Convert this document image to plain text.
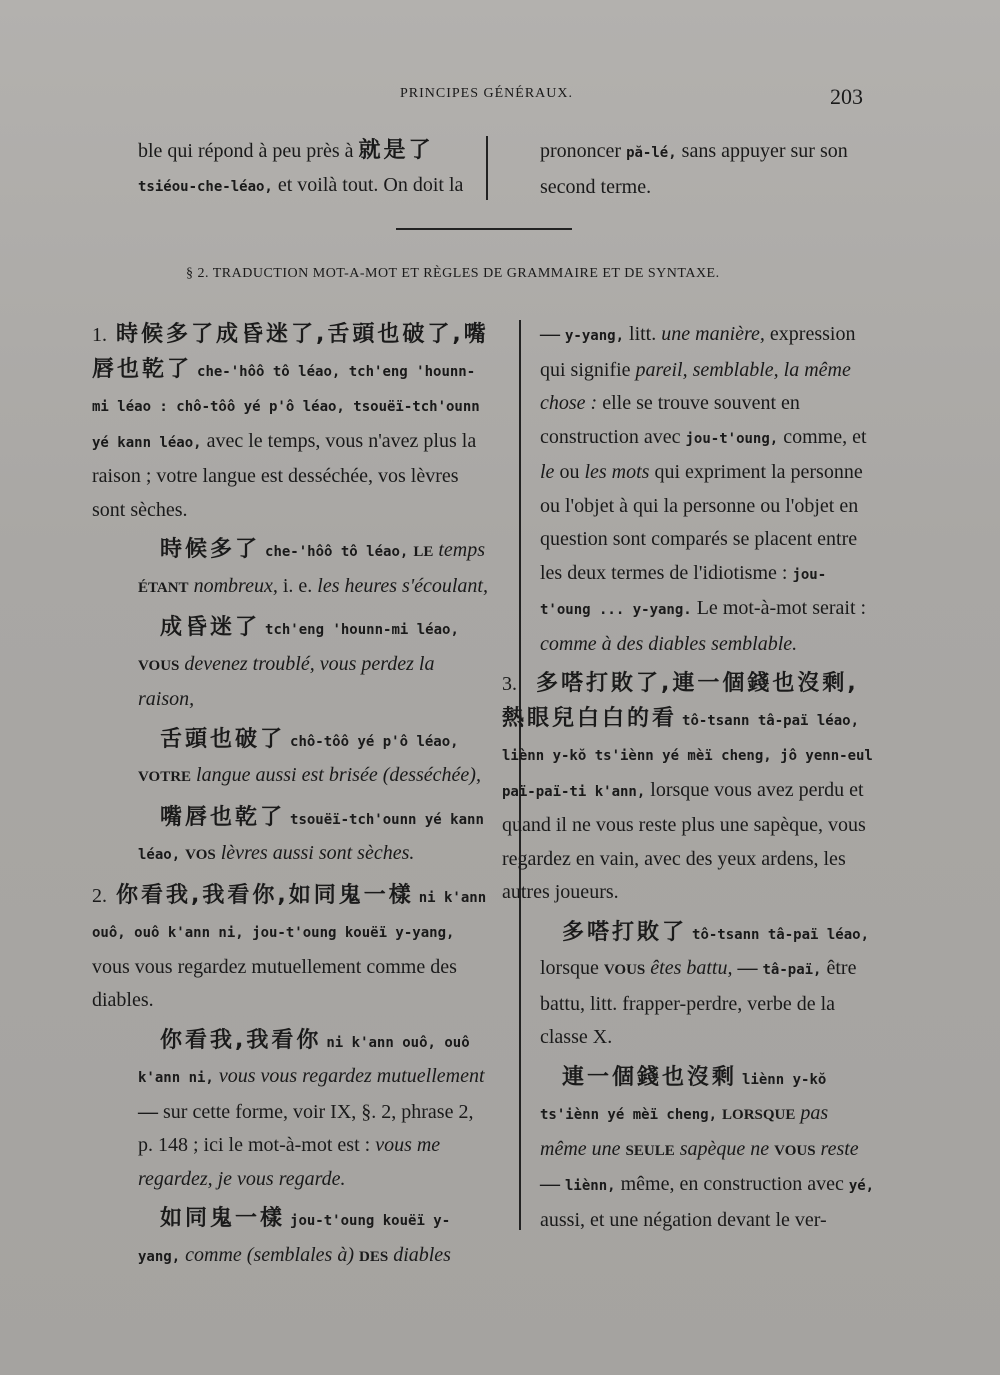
PRINCIPES GÉNÉRAUX.	203
ble qui répond à peu près à 就是了
tsiéou-che-léao, et voilà tout. On doit la
prononcer pă-lé, sans appuyer sur son
second terme.
§ 2. TRADUCTION MOT-A-MOT ET RÈGLES DE GRAMMAIRE ET DE SYNTAXE.

1. 時候多了成昏迷了,舌頭也破了,嘴唇也乾了 che-'hôô tô léao, tch'eng 'hounn-mi léao : chô-tôô yé p'ô léao, tsouëï-tch'ounn yé kann léao, avec le temps, vous n'avez plus la raison ; votre langue est desséchée, vos lèvres sont sèches.

時候多了 che-'hôô tô léao, LE temps ÉTANT nombreux, i. e. les heures s'écoulant,

成昏迷了 tch'eng 'hounn-mi léao, VOUS devenez troublé, vous perdez la raison,

舌頭也破了 chô-tôô yé p'ô léao, VOTRE langue aussi est brisée (desséchée),

嘴唇也乾了 tsouëï-tch'ounn yé kann léao, VOS lèvres aussi sont sèches.

2. 你看我,我看你,如同鬼一樣 ni k'ann ouô, ouô k'ann ni, jou-t'oung kouëï y-yang, vous vous regardez mutuellement comme des diables.

你看我,我看你 ni k'ann ouô, ouô k'ann ni, vous vous regardez mutuellement — sur cette forme, voir IX, §. 2, phrase 2, p. 148 ; ici le mot-à-mot est : vous me regardez, je vous regarde.

如同鬼一樣 jou-t'oung kouëï y-yang, comme (semblales à) DES diables

— y-yang, litt. une manière, expression qui signifie pareil, semblable, la même chose : elle se trouve souvent en construction avec jou-t'oung, comme, et le ou les mots qui expriment la personne ou l'objet à qui la personne ou l'objet en question sont comparés se placent entre les deux termes de l'idiotisme : jou-t'oung ... y-yang. Le mot-à-mot serait : comme à des diables semblable.

3. 多嗒打敗了,連一個錢也沒剩,熱眼兒白白的看 tô-tsann tâ-paï léao, liènn y-kŏ ts'iènn yé mèï cheng, jô yenn-eul paï-paï-ti k'ann, lorsque vous avez perdu et quand il ne vous reste plus une sapèque, vous regardez en vain, avec des yeux ardens, les autres joueurs.

多嗒打敗了 tô-tsann tâ-paï léao, lorsque VOUS êtes battu, — tâ-paï, être battu, litt. frapper-perdre, verbe de la classe X.

連一個錢也沒剩 liènn y-kŏ ts'iènn yé mèï cheng, LORSQUE pas même une SEULE sapèque ne VOUS reste — liènn, même, en construction avec yé, aussi, et une négation devant le ver-
